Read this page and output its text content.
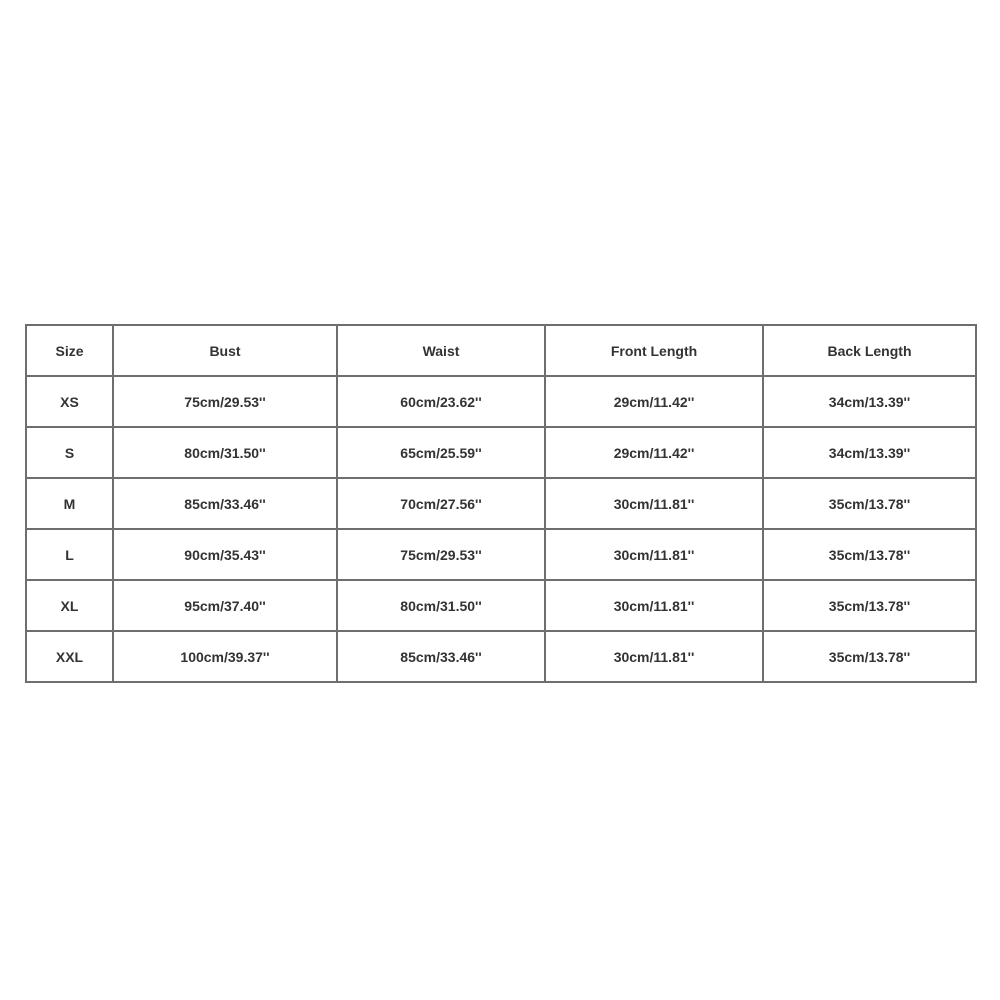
Size	Bust	Waist	Front Length	Back Length
XS	75cm/29.53''	60cm/23.62''	29cm/11.42''	34cm/13.39''
S	80cm/31.50''	65cm/25.59''	29cm/11.42''	34cm/13.39''
M	85cm/33.46''	70cm/27.56''	30cm/11.81''	35cm/13.78''
L	90cm/35.43''	75cm/29.53''	30cm/11.81''	35cm/13.78''
XL	95cm/37.40''	80cm/31.50''	30cm/11.81''	35cm/13.78''
XXL	100cm/39.37''	85cm/33.46''	30cm/11.81''	35cm/13.78''
